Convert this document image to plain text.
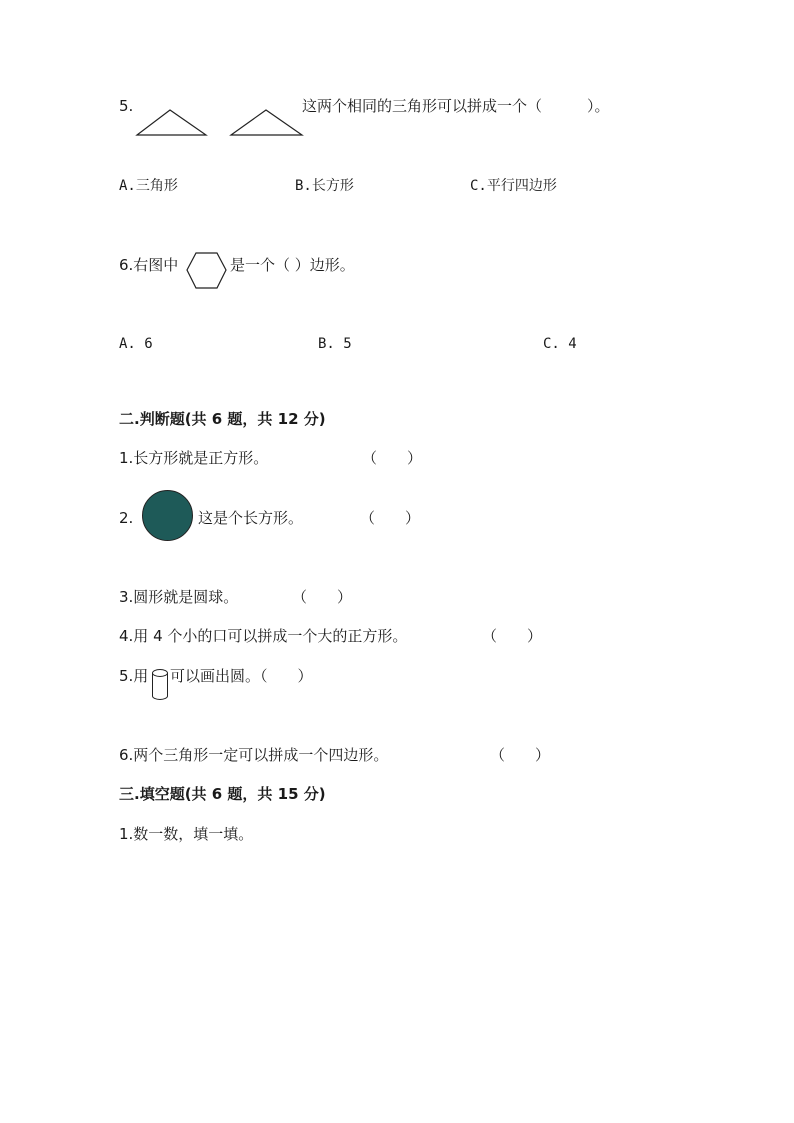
5.	这两个相同的三角形可以拼成一个（　　　）。
A.三角形	B.长方形	C.平行四边形
6.右图中	是一个（ ）边形。
A. 6	B. 5	C. 4
二.判断题(共 6 题，共 12 分)
1.长方形就是正方形。	（　　）
2.	这是个长方形。	（　　）
3.圆形就是圆球。	（　　）
4.用 4 个小的口可以拼成一个大的正方形。	（　　）
5.用 可以画出圆。（　　）
6.两个三角形一定可以拼成一个四边形。	（　　）
三.填空题(共 6 题，共 15 分)
1.数一数，填一填。
